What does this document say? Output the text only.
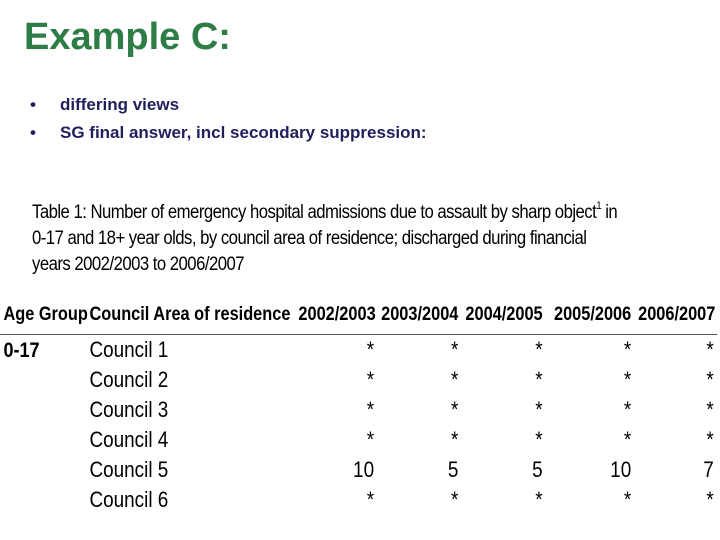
Example C:
• differing views
• SG final answer, incl secondary suppression:
Table 1: Number of emergency hospital admissions due to assault by sharp object$^1$ in 0-17 and 18+ year olds, by council area of residence; discharged during financial years 2002/2003 to 2006/2007
Age Group	Council Area of residence	2002/2003	2003/2004	2004/2005	2005/2006	2006/2007
0-17	Council 1	*	*	*	*	*
	Council 2	*	*	*	*	*
	Council 3	*	*	*	*	*
	Council 4	*	*	*	*	*
	Council 5	10	5	5	10	7
	Council 6	*	*	*	*	*
